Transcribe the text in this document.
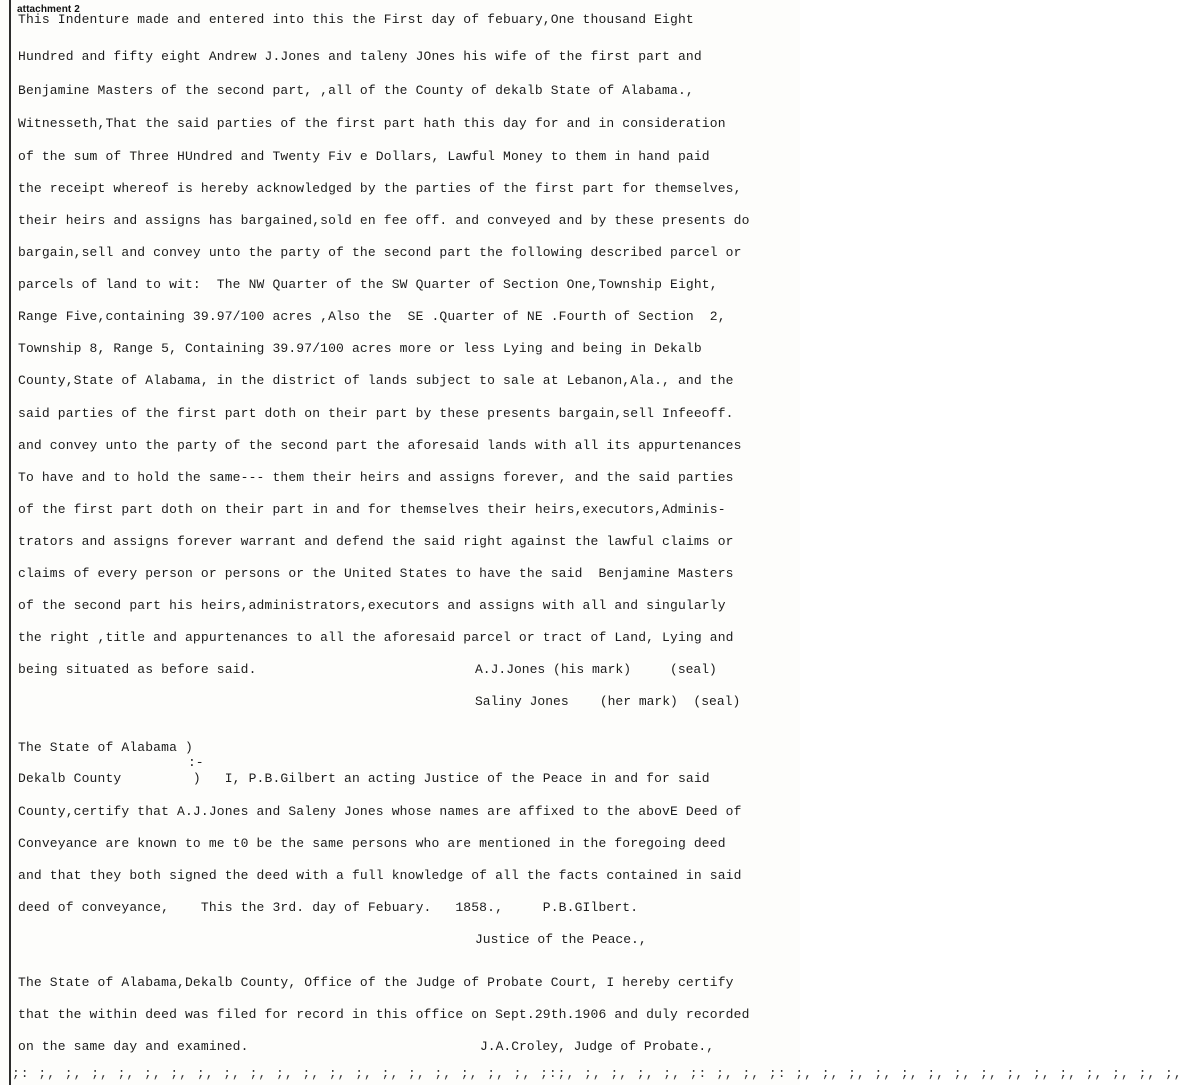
attachment 2
This Indenture made and entered into this the First day of febuary,One thousand Eight
Hundred and fifty eight Andrew J.Jones and taleny JOnes his wife of the first part and
Benjamine Masters of the second part, ,all of the County of dekalb State of Alabama.,
Witnesseth,That the said parties of the first part hath this day for and in consideration
of the sum of Three HUndred and Twenty Fiv e Dollars, Lawful Money to them in hand paid
the receipt whereof is hereby acknowledged by the parties of the first part for themselves,
their heirs and assigns has bargained,sold en fee off. and conveyed and by these presents do
bargain,sell and convey unto the party of the second part the following described parcel or
parcels of land to wit:  The NW Quarter of the SW Quarter of Section One,Township Eight,
Range Five,containing 39.97/100 acres ,Also the  SE .Quarter of NE .Fourth of Section  2,
Township 8, Range 5, Containing 39.97/100 acres more or less Lying and being in Dekalb
County,State of Alabama, in the district of lands subject to sale at Lebanon,Ala., and the
said parties of the first part doth on their part by these presents bargain,sell Infeeoff.
and convey unto the party of the second part the aforesaid lands with all its appurtenances
To have and to hold the same--- them their heirs and assigns forever, and the said parties
of the first part doth on their part in and for themselves their heirs,executors,Adminis-
trators and assigns forever warrant and defend the said right against the lawful claims or
claims of every person or persons or the United States to have the said  Benjamine Masters
of the second part his heirs,administrators,executors and assigns with all and singularly
the right ,title and appurtenances to all the aforesaid parcel or tract of Land, Lying and
being situated as before said.	A.J.Jones (his mark)     (seal)
Saliny Jones    (her mark)  (seal)
The State of Alabama )
:-
Dekalb County         )   I, P.B.Gilbert an acting Justice of the Peace in and for said
County,certify that A.J.Jones and Saleny Jones whose names are affixed to the abovE Deed of
Conveyance are known to me t0 be the same persons who are mentioned in the foregoing deed
and that they both signed the deed with a full knowledge of all the facts contained in said
deed of conveyance,    This the 3rd. day of Febuary.   1858.,     P.B.GIlbert.
Justice of the Peace.,
The State of Alabama,Dekalb County, Office of the Judge of Probate Court, I hereby certify
that the within deed was filed for record in this office on Sept.29th.1906 and duly recorded
on the same day and examined.	J.A.Croley, Judge of Probate.,
;: ;, ;, ;, ;, ;, ;, ;, ;, ;, ;, ;, ;, ;, ;, ;, ;, ;, ;, ;, ;:;, ;, ;, ;, ;, ;: ;, ;, ;: ;, ;, ;, ;, ;, ;, ;, ;, ;, ;, ;, ;, ;, ;, ;,
